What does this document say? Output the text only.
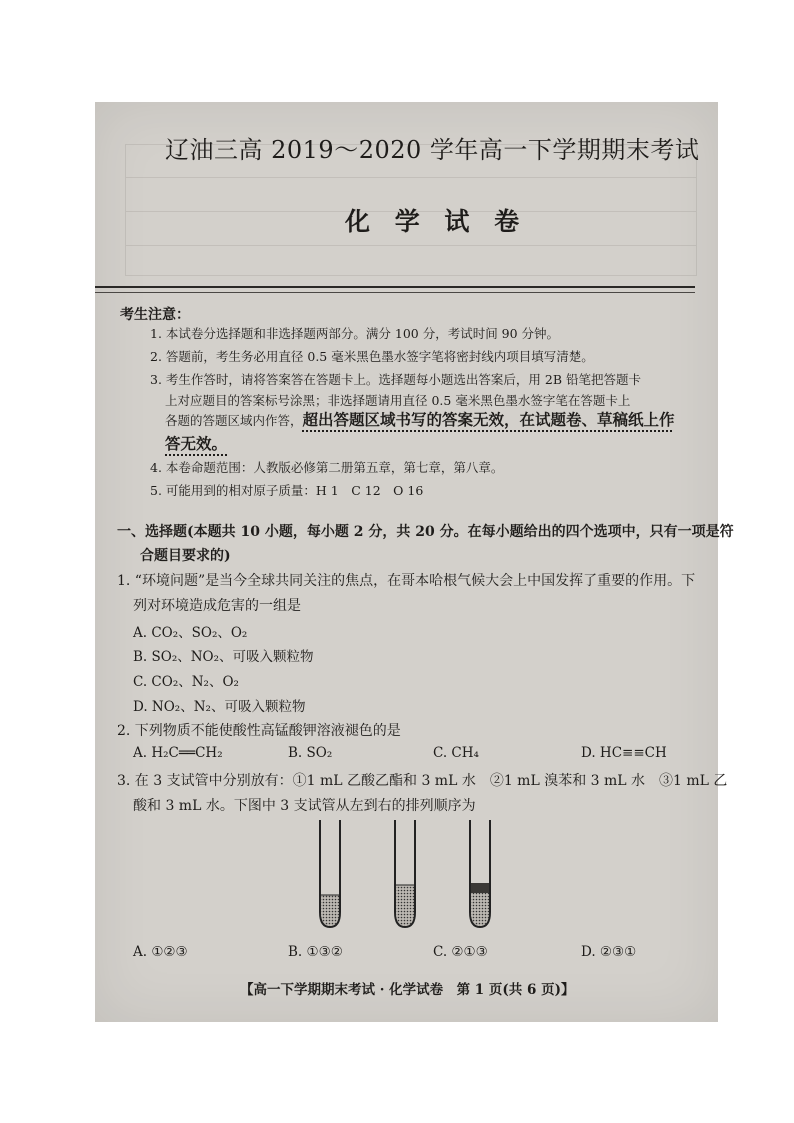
辽油三高 2019～2020 学年高一下学期期末考试
化 学 试 卷
考生注意：
1. 本试卷分选择题和非选择题两部分。满分 100 分，考试时间 90 分钟。
2. 答题前，考生务必用直径 0.5 毫米黑色墨水签字笔将密封线内项目填写清楚。
3. 考生作答时，请将答案答在答题卡上。选择题每小题选出答案后，用 2B 铅笔把答题卡
上对应题目的答案标号涂黑；非选择题请用直径 0.5 毫米黑色墨水签字笔在答题卡上
各题的答题区域内作答，超出答题区域书写的答案无效，在试题卷、草稿纸上作
答无效。
4. 本卷命题范围：人教版必修第二册第五章，第七章，第八章。
5. 可能用到的相对原子质量：H 1　C 12　O 16
一、选择题(本题共 10 小题，每小题 2 分，共 20 分。在每小题给出的四个选项中，只有一项是符
合题目要求的)
1. “环境问题”是当今全球共同关注的焦点，在哥本哈根气候大会上中国发挥了重要的作用。下
列对环境造成危害的一组是
A. CO₂、SO₂、O₂
B. SO₂、NO₂、可吸入颗粒物
C. CO₂、N₂、O₂
D. NO₂、N₂、可吸入颗粒物
2. 下列物质不能使酸性高锰酸钾溶液褪色的是
A. H₂C══CH₂	B. SO₂	C. CH₄	D. HC≡≡CH
3. 在 3 支试管中分别放有：①1 mL 乙酸乙酯和 3 mL 水　②1 mL 溴苯和 3 mL 水　③1 mL 乙
酸和 3 mL 水。下图中 3 支试管从左到右的排列顺序为
A. ①②③	B. ①③②	C. ②①③	D. ②③①
【高一下学期期末考试 · 化学试卷　第 1 页(共 6 页)】
